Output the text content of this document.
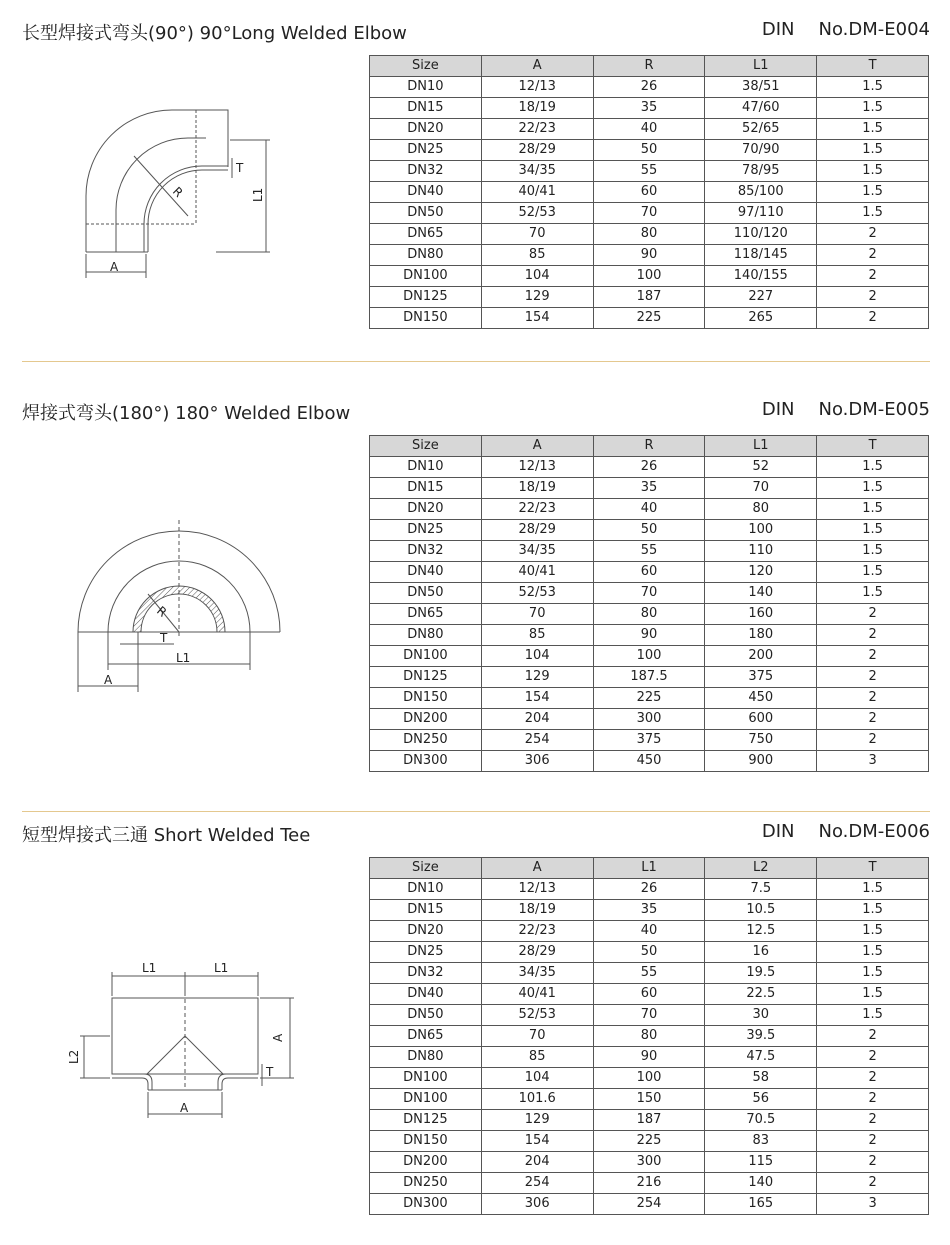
长型焊接式弯头(90°) 90°Long Welded Elbow	DIN No.DM-E004
A
R
T
L1
Size	A	R	L1	T
DN10	12/13	26	38/51	1.5
DN15	18/19	35	47/60	1.5
DN20	22/23	40	52/65	1.5
DN25	28/29	50	70/90	1.5
DN32	34/35	55	78/95	1.5
DN40	40/41	60	85/100	1.5
DN50	52/53	70	97/110	1.5
DN65	70	80	110/120	2
DN80	85	90	118/145	2
DN100	104	100	140/155	2
DN125	129	187	227	2
DN150	154	225	265	2
焊接式弯头(180°) 180° Welded Elbow	DIN No.DM-E005
R
T
L1
A
Size	A	R	L1	T
DN10	12/13	26	52	1.5
DN15	18/19	35	70	1.5
DN20	22/23	40	80	1.5
DN25	28/29	50	100	1.5
DN32	34/35	55	110	1.5
DN40	40/41	60	120	1.5
DN50	52/53	70	140	1.5
DN65	70	80	160	2
DN80	85	90	180	2
DN100	104	100	200	2
DN125	129	187.5	375	2
DN150	154	225	450	2
DN200	204	300	600	2
DN250	254	375	750	2
DN300	306	450	900	3
短型焊接式三通 Short Welded Tee	DIN No.DM-E006
L1	L1
A
T
L2
A
Size	A	L1	L2	T
DN10	12/13	26	7.5	1.5
DN15	18/19	35	10.5	1.5
DN20	22/23	40	12.5	1.5
DN25	28/29	50	16	1.5
DN32	34/35	55	19.5	1.5
DN40	40/41	60	22.5	1.5
DN50	52/53	70	30	1.5
DN65	70	80	39.5	2
DN80	85	90	47.5	2
DN100	104	100	58	2
DN100	101.6	150	56	2
DN125	129	187	70.5	2
DN150	154	225	83	2
DN200	204	300	115	2
DN250	254	216	140	2
DN300	306	254	165	3
